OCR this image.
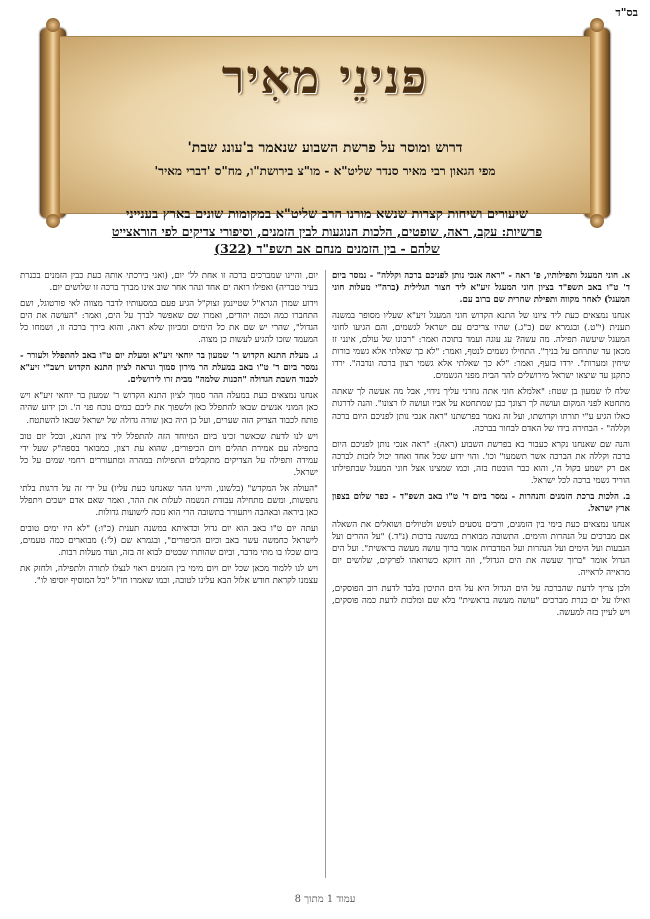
בס"ד
פנינֵי מאִיר
דרוש ומוסר על פרשת השבוע שנאמר ב'עונג שבת'
מפי הגאון רבי מאיר סנדר שליט"א - מו"צ בירושת"ו, מח"ס 'דברי מאיר'
שיעורים ושיחות קצרות שנשא מורנו הרב שליט"א במקומות שונים בארץ בענייני
פרשיות: עקב, ראה, שופטים, הלכות הנוגעות לבין הזמנים, וסיפורי צדיקים לפי הוראצייט
שלהם - בין הזמנים מנחם אב תשפ"ד (322)

א. חוני המעגל ותפילותיו, פ' ראה - "ראה אנכי נותן לפניכם ברכה וקללה" - נמסר ביום ד' ט"ו באב תשפ"ד בציון חוני המעגל זיע"א ליד חצור הגלילית (ברה"י מעלות חוני המעגל) לאחר מקווה ותפילת שחרית שם ברוב עם.

אנחנו נמצאים כעת ליד ציונו של התנא הקדוש חוני המעגל זיע"א שעליו מסופר במשנה תענית (י"ט.) ובגמרא שם (כ"ג.) שהיו צריכים עם ישראל לגשמים, והם הגיעו לחוני המעגל שיעשה תפילה. מה עשה? עג עוגה ועמד בתוכה ואמר: "רבונו של עולם, אינני זז מכאן עד שתרחם על בניך". התחילו גשמים לנטף, ואמר: "לא כך שאלתי אלא גשמי בורות שיחין ומערות". ירדו בזעף, ואמר: "לא כך שאלתי אלא גשמי רצון ברכה ונדבה". ירדו כתקנן עד שיצאו ישראל מירושלים להר הבית מפני הגשמים.

שלח לו שמעון בן שטח: "אלמלא חוני אתה גוזרני עליך נידוי, אבל מה אעשה לך שאתה מתחטא לפני המקום ועושה לך רצונך כבן שמתחטא על אביו ועושה לו רצונו". והנה לדרגות כאלו הגיע ע"י תורתו וקדושתו, ועל זה נאמר בפרשתנו "ראה אנכי נותן לפניכם היום ברכה וקללה" - הבחירה בידו של האדם לבחור בברכה.

והנה שם שאנחנו נקרא כעבור בא בפרשת השבוע (ראה): "ראה אנכי נותן לפניכם היום ברכה וקללה את הברכה אשר תשמעו" וכו'. והוי ידוע שכל אחד ואחד יכול לזכות לברכה אם רק ישמע בקול ה', והוא כבר הובטח בזה, וכמו שמצינו אצל חוני המעגל שבתפילתו הוריד גשמי ברכה לכל ישראל.

ב. הלכות ברכת הזמנים והנהרות - נמסר ביום ד' ט"ו באב תשפ"ד - כפר שלום בצפון ארץ ישראל.

אנחנו נמצאים כעת בימי בין הזמנים, ורבים נוסעים לנופש ולטיולים ושואלים את השאלה אם מברכים על הנהרות והימים. התשובה מבוארת במשנה ברכות (נ"ד.) "על ההרים ועל הגבעות ועל הימים ועל הנהרות ועל המדברות אומר ברוך עושה מעשה בראשית". ועל הים הגדול אומר "ברוך שעשה את הים הגדול", וזה דווקא כשרואהו לפרקים, שלושים יום מראייה לראייה.

ולכן צריך לדעת שהברכה על הים הגדול היא על הים התיכון בלבד לדעת רוב הפוסקים, ואילו על ים כנרת מברכים "עושה מעשה בראשית" בלא שם ומלכות לדעת כמה פוסקים, ויש לעיין בזה למעשה.

יום, והיינו שמברכים ברכה זו אחת לל' יום, (ואני בירכתי אותה כעת כבין הזמנים בכנרת בעיר טבריה) ואפילו רואה ים אחד ונהר אחר שוב אינו מברך ברכה זו שלושים יום.

וידוע שמרן הגרא"ל שטיינמן זצוק"ל הגיע פעם במסעותיו לדבר מצווה לאי פורטוגל, ושם התחברו כמה וכמה יהודים, ואמרו שם שאפשר לברך על הים, ואמר: "העושה את הים הגדול", שהרי יש שם את כל הימים ומכיוון שלא ראה, והוא בירך ברכה זו, ושמחו כל המעמד שזכו להגיע לעשות כן מצוה.

ג. מעלת התנא הקדוש ר' שמעון בר יוחאי זיע"א ומעלת יום ט"ו באב להתפלל ולעורר - נמסר ביום ד' ט"ו באב במעלת הר מירון סמוך ונראה לציון התנא הקדוש רשב"י זיע"א לכבוד השבת הגדולה "הכנות שלמה" מבית זרו לירושלים.

אנחנו נמצאים כעת במעלה ההר סמוך לציון התנא הקדוש ר' שמעון בר יוחאי זיע"א ויש כאן המוני אנשים שבאו להתפלל כאן ולשפוך את ליבם כמים נוכח פני ה'. וכן ידוע שהיה פותח לכבוד הצדיק הזה שערים, ועל כן היה כאן שורה גדולה של ישראל שבאו להשתטח.

ויש לנו לדעת שכאשר זכינו ביום המיוחד הזה להתפלל ליד ציון התנא, ובכל יום טוב בתפילה עם אמירת תהלים ויום הכיפורים, שהוא עת רצון, כמבואר בספה"ק שעל ידי עמידה ותפילה על הצדיקים מתקבלים התפילות במהרה ומתעוררים רחמי שמים על כל ישראל.

"העולה אל המקדש" (בלשונו, והיינו ההר שאנחנו כעת עליו) על ידי זה על דרגות בלתי נתפשות, ומשם מתחילה עבודת הנשמה לעלות את ההר, ואמר שאם אדם ישכים ויתפלל כאן ביראה ובאהבה ויתעורר בתשובה הרי הוא נזכה לישועות גדולות.

ועתה יום ט"ו באב הוא יום גדול וכדאיתא במשנה תענית (כ"ו:) "לא היו ימים טובים לישראל כחמשה עשר באב וכיום הכיפורים", ובגמרא שם (ל':) מבוארים כמה טעמים, ביום שכלו בו מתי מדבר, וביום שהותרו שבטים לבוא זה בזה, ועוד מעלות רבות.

ויש לנו ללמוד מכאן שכל יום ויום מימי בין הזמנים ראוי לנצלו לתורה ולתפילה, ולחזק את עצמנו לקראת חודש אלול הבא עלינו לטובה, וכמו שאמרו חז"ל "כל המוסיף יוסיפו לו".

עמוד 1 מתוך 8
